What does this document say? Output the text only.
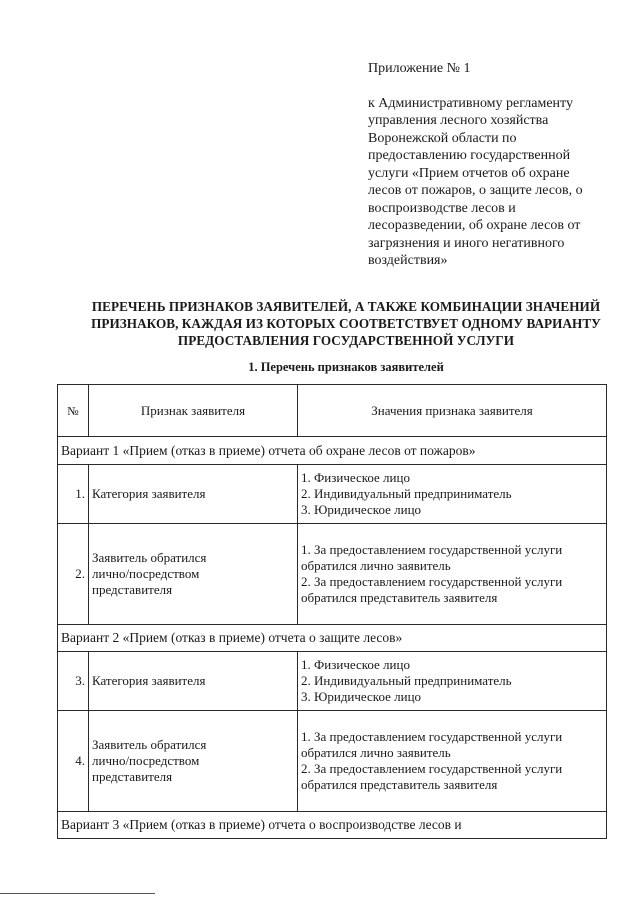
Приложение № 1
к Административному регламенту
управления лесного хозяйства
Воронежской области по
предоставлению государственной
услуги «Прием отчетов об охране
лесов от пожаров, о защите лесов, о
воспроизводстве лесов и
лесоразведении, об охране лесов от
загрязнения и иного негативного
воздействия»
ПЕРЕЧЕНЬ ПРИЗНАКОВ ЗАЯВИТЕЛЕЙ, А ТАКЖЕ КОМБИНАЦИИ ЗНАЧЕНИЙ
ПРИЗНАКОВ, КАЖДАЯ ИЗ КОТОРЫХ СООТВЕТСТВУЕТ ОДНОМУ ВАРИАНТУ
ПРЕДОСТАВЛЕНИЯ ГОСУДАРСТВЕННОЙ УСЛУГИ
1. Перечень признаков заявителей
№	Признак заявителя	Значения признака заявителя
Вариант 1 «Прием (отказ в приеме) отчета об охране лесов от пожаров»		
1.	Категория заявителя	1. Физическое лицо
2. Индивидуальный предприниматель
3. Юридическое лицо

2.	Заявитель обратился
лично/посредством
представителя	1. За предоставлением государственной услуги
обратился лично заявитель
2. За предоставлением государственной услуги
обратился представитель заявителя

Вариант 2 «Прием (отказ в приеме) отчета о защите лесов»		
3.	Категория заявителя	1. Физическое лицо
2. Индивидуальный предприниматель
3. Юридическое лицо

4.	Заявитель обратился
лично/посредством
представителя	1. За предоставлением государственной услуги
обратился лично заявитель
2. За предоставлением государственной услуги
обратился представитель заявителя

Вариант 3 «Прием (отказ в приеме) отчета о воспроизводстве лесов и		
